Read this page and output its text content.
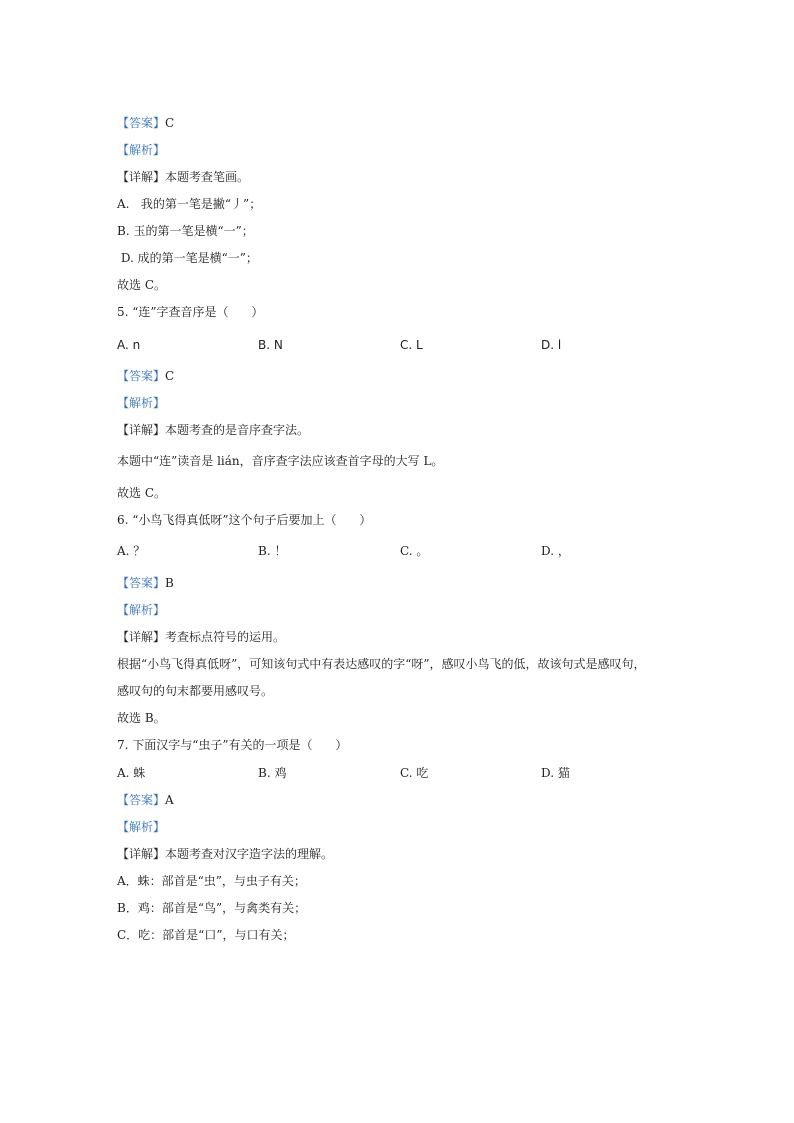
【答案】C
【解析】
【详解】本题考查笔画。
A.   我的第一笔是撇“丿”；
B. 玉的第一笔是横“一”；
D. 成的第一笔是横“一”；
故选 C。
5. “连”字查音序是（      ）
A. n	B. N	C. L	D. l
【答案】C
【解析】
【详解】本题考查的是音序查字法。
本题中“连”读音是 lián，音序查字法应该查首字母的大写 L。
故选 C。
6. “小鸟飞得真低呀”这个句子后要加上（      ）
A. ？	B. ！	C. 。	D. ，
【答案】B
【解析】
【详解】考查标点符号的运用。
根据“小鸟飞得真低呀”，可知该句式中有表达感叹的字“呀”，感叹小鸟飞的低，故该句式是感叹句，
感叹句的句末都要用感叹号。
故选 B。
7. 下面汉字与“虫子”有关的一项是（      ）
A. 蛛	B. 鸡	C. 吃	D. 猫
【答案】A
【解析】
【详解】本题考查对汉字造字法的理解。
A．蛛：部首是“虫”，与虫子有关；
B．鸡：部首是“鸟”，与禽类有关；
C．吃：部首是“口”，与口有关；
